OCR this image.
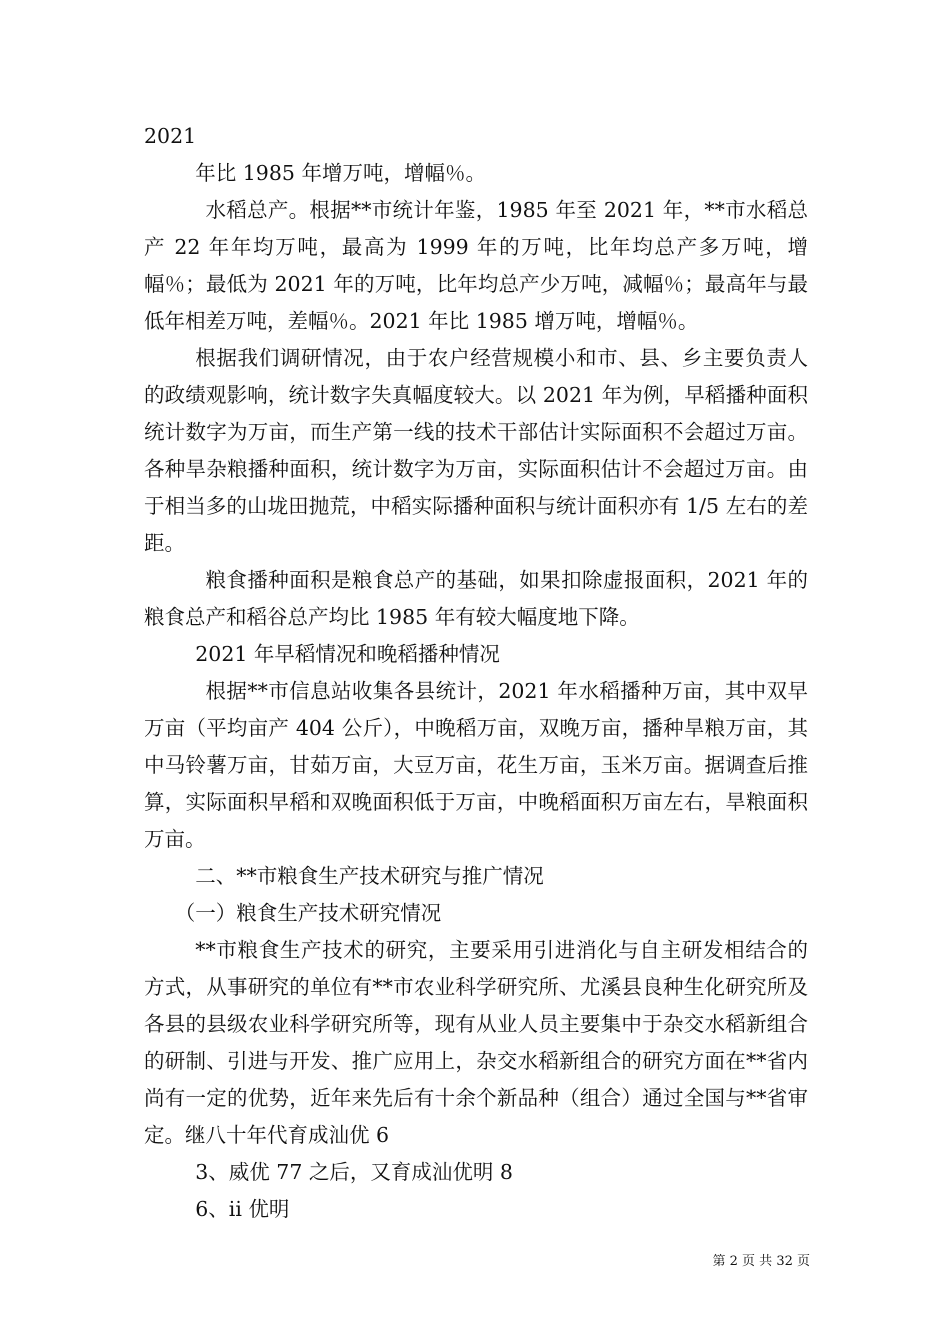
2021

年比 1985 年增万吨，增幅％。

水稻总产。根据**市统计年鉴，1985 年至 2021 年，**市水稻总产 22 年年均万吨，最高为 1999 年的万吨，比年均总产多万吨，增幅％；最低为 2021 年的万吨，比年均总产少万吨，减幅％；最高年与最低年相差万吨，差幅％。2021 年比 1985 增万吨，增幅％。

根据我们调研情况，由于农户经营规模小和市、县、乡主要负责人的政绩观影响，统计数字失真幅度较大。以 2021 年为例，早稻播种面积统计数字为万亩，而生产第一线的技术干部估计实际面积不会超过万亩。各种旱杂粮播种面积，统计数字为万亩，实际面积估计不会超过万亩。由于相当多的山垅田抛荒，中稻实际播种面积与统计面积亦有 1/5 左右的差距。

粮食播种面积是粮食总产的基础，如果扣除虚报面积，2021 年的粮食总产和稻谷总产均比 1985 年有较大幅度地下降。

2021 年早稻情况和晚稻播种情况

根据**市信息站收集各县统计，2021 年水稻播种万亩，其中双早万亩（平均亩产 404 公斤），中晚稻万亩，双晚万亩，播种旱粮万亩，其中马铃薯万亩，甘茹万亩，大豆万亩，花生万亩，玉米万亩。据调查后推算，实际面积早稻和双晚面积低于万亩，中晚稻面积万亩左右，旱粮面积万亩。

二、**市粮食生产技术研究与推广情况

（一）粮食生产技术研究情况

**市粮食生产技术的研究，主要采用引进消化与自主研发相结合的方式，从事研究的单位有**市农业科学研究所、尤溪县良种生化研究所及各县的县级农业科学研究所等，现有从业人员主要集中于杂交水稻新组合的研制、引进与开发、推广应用上，杂交水稻新组合的研究方面在**省内尚有一定的优势，近年来先后有十余个新品种（组合）通过全国与**省审定。继八十年代育成汕优 6

3、威优 77 之后，又育成汕优明 8

6、ii 优明

第 2 页 共 32 页
